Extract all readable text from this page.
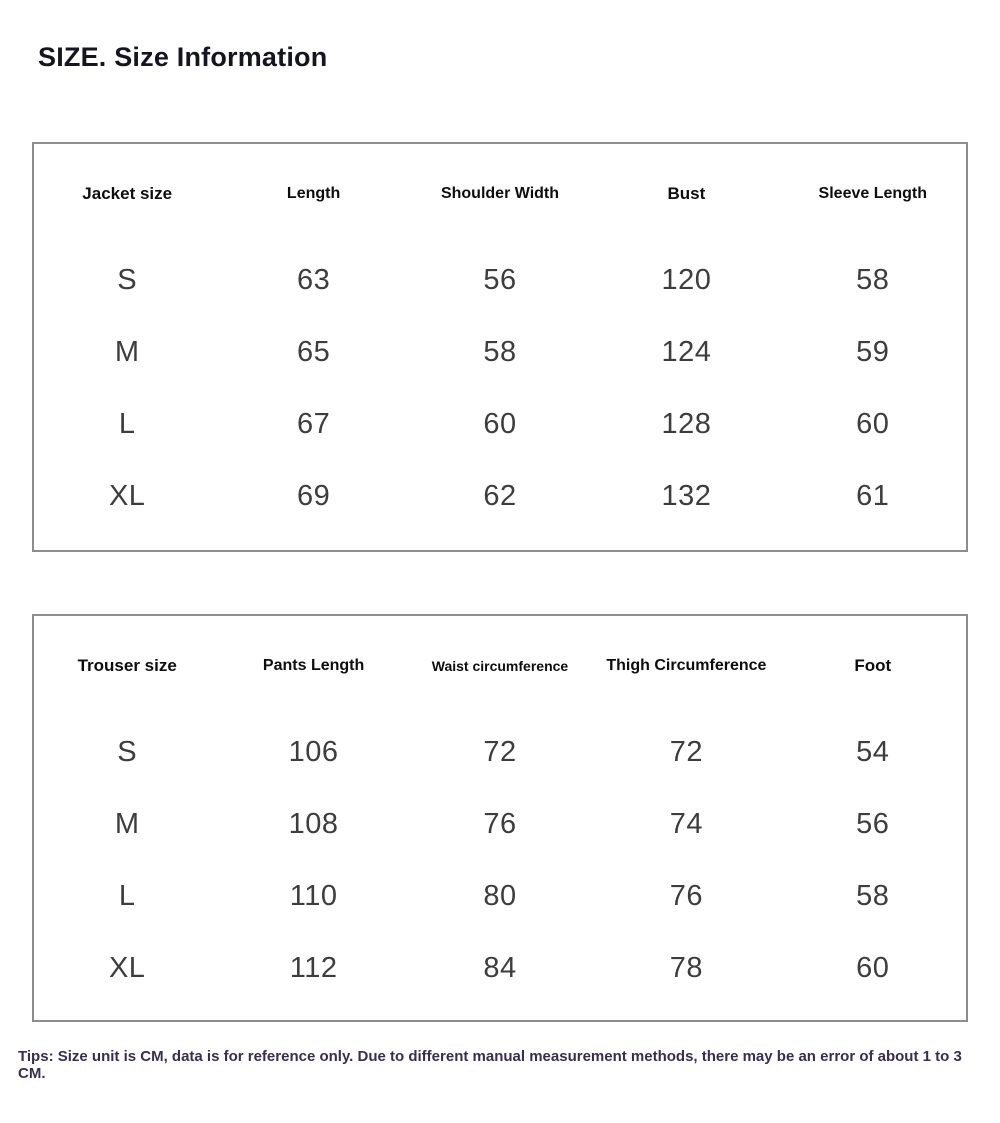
SIZE. Size Information
Jacket size	Length	Shoulder Width	Bust	Sleeve Length
S	63	56	120	58
M	65	58	124	59
L	67	60	128	60
XL	69	62	132	61
Trouser size	Pants Length	Waist circumference	Thigh Circumference	Foot
S	106	72	72	54
M	108	76	74	56
L	110	80	76	58
XL	112	84	78	60
Tips: Size unit is CM, data is for reference only. Due to different manual measurement methods, there may be an error of about 1 to 3 CM.
